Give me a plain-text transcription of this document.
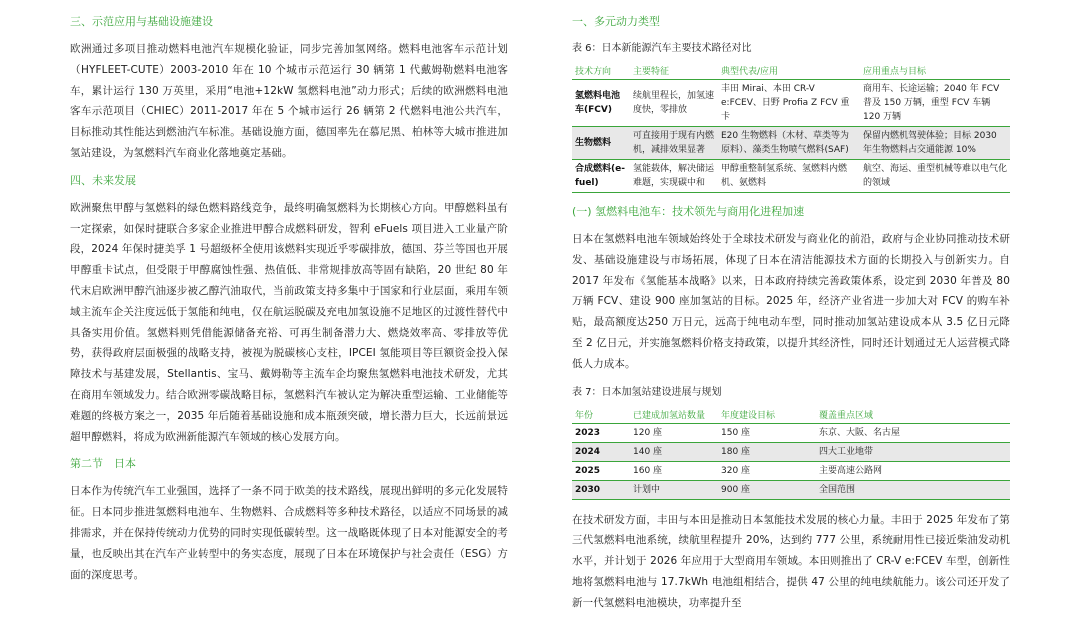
三、示范应用与基础设施建设

欧洲通过多项目推动燃料电池汽车规模化验证，同步完善加氢网络。燃料电池客车示范计划（HYFLEET-CUTE）2003-2010 年在 10 个城市示范运行 30 辆第 1 代戴姆勒燃料电池客车，累计运行 130 万英里，采用“电池+12kW 氢燃料电池”动力形式；后续的欧洲燃料电池客车示范项目（CHIEC）2011-2017 年在 5 个城市运行 26 辆第 2 代燃料电池公共汽车，目标推动其性能达到燃油汽车标准。基础设施方面，德国率先在慕尼黑、柏林等大城市推进加氢站建设，为氢燃料汽车商业化落地奠定基础。

四、未来发展

欧洲聚焦甲醇与氢燃料的绿色燃料路线竞争，最终明确氢燃料为长期核心方向。甲醇燃料虽有一定探索，如保时捷联合多家企业推进甲醇合成燃料研发，智利 eFuels 项目进入工业量产阶段，2024 年保时捷美孚 1 号超级杯全使用该燃料实现近乎零碳排放，德国、芬兰等国也开展甲醇重卡试点，但受限于甲醇腐蚀性强、热值低、非常规排放高等固有缺陷，20 世纪 80 年代末启欧洲甲醇汽油逐步被乙醇汽油取代，当前政策支持多集中于国家和行业层面，乘用车领域主流车企关注度远低于氢能和纯电，仅在航运脱碳及充电加氢设施不足地区的过渡性替代中具备实用价值。氢燃料则凭借能源储备充裕、可再生制备潜力大、燃烧效率高、零排放等优势，获得政府层面极强的战略支持，被视为脱碳核心支柱，IPCEI 氢能项目等巨额资金投入保障技术与基建发展，Stellantis、宝马、戴姆勒等主流车企均聚焦氢燃料电池技术研发，尤其在商用车领域发力。结合欧洲零碳战略目标，氢燃料汽车被认定为解决重型运输、工业储能等难题的终极方案之一，2035 年后随着基础设施和成本瓶颈突破，增长潜力巨大，长远前景远超甲醇燃料，将成为欧洲新能源汽车领域的核心发展方向。

第二节　日本

日本作为传统汽车工业强国，选择了一条不同于欧美的技术路线，展现出鲜明的多元化发展特征。日本同步推进氢燃料电池车、生物燃料、合成燃料等多种技术路径，以适应不同场景的减排需求，并在保持传统动力优势的同时实现低碳转型。这一战略既体现了日本对能源安全的考量，也反映出其在汽车产业转型中的务实态度，展现了日本在环境保护与社会责任（ESG）方面的深度思考。

一、多元动力类型
表 6：日本新能源汽车主要技术路径对比
技术方向	主要特征	典型代表/应用	应用重点与目标
氢燃料电池车(FCV)	续航里程长，加氢速度快，零排放	丰田 Mirai、本田 CR-V e:FCEV、日野 Profia Z FCV 重卡	商用车、长途运输；2040 年 FCV 普及 150 万辆，重型 FCV 车辆 120 万辆
生物燃料	可直接用于现有内燃机，减排效果显著	E20 生物燃料（木材、草类等为原料）、藻类生物喷气燃料(SAF)	保留内燃机驾驶体验；目标 2030 年生物燃料占交通能源 10%
合成燃料(e-fuel)	氢能载体，解决储运难题，实现碳中和	甲醇重整制氢系统、氢燃料内燃机、氨燃料	航空、海运、重型机械等难以电气化的领域
(一) 氢燃料电池车：技术领先与商用化进程加速

日本在氢燃料电池车领域始终处于全球技术研发与商业化的前沿，政府与企业协同推动技术研发、基础设施建设与市场拓展，体现了日本在清洁能源技术方面的长期投入与创新实力。自 2017 年发布《氢能基本战略》以来，日本政府持续完善政策体系，设定到 2030 年普及 80 万辆 FCV、建设 900 座加氢站的目标。2025 年，经济产业省进一步加大对 FCV 的购车补贴，最高额度达250 万日元，远高于纯电动车型，同时推动加氢站建设成本从 3.5 亿日元降至 2 亿日元，并实施氢燃料价格支持政策，以提升其经济性，同时还计划通过无人运营模式降低人力成本。

表 7：日本加氢站建设进展与规划
年份	已建成加氢站数量	年度建设目标	覆盖重点区域
2023	120 座	150 座	东京、大阪、名古屋
2024	140 座	180 座	四大工业地带
2025	160 座	320 座	主要高速公路网
2030	计划中	900 座	全国范围

在技术研发方面，丰田与本田是推动日本氢能技术发展的核心力量。丰田于 2025 年发布了第三代氢燃料电池系统，续航里程提升 20%，达到约 777 公里，系统耐用性已接近柴油发动机水平，并计划于 2026 年应用于大型商用车领域。本田则推出了 CR-V e:FCEV 车型，创新性地将氢燃料电池与 17.7kWh 电池组相结合，提供 47 公里的纯电续航能力。该公司还开发了新一代氢燃料电池模块，功率提升至
